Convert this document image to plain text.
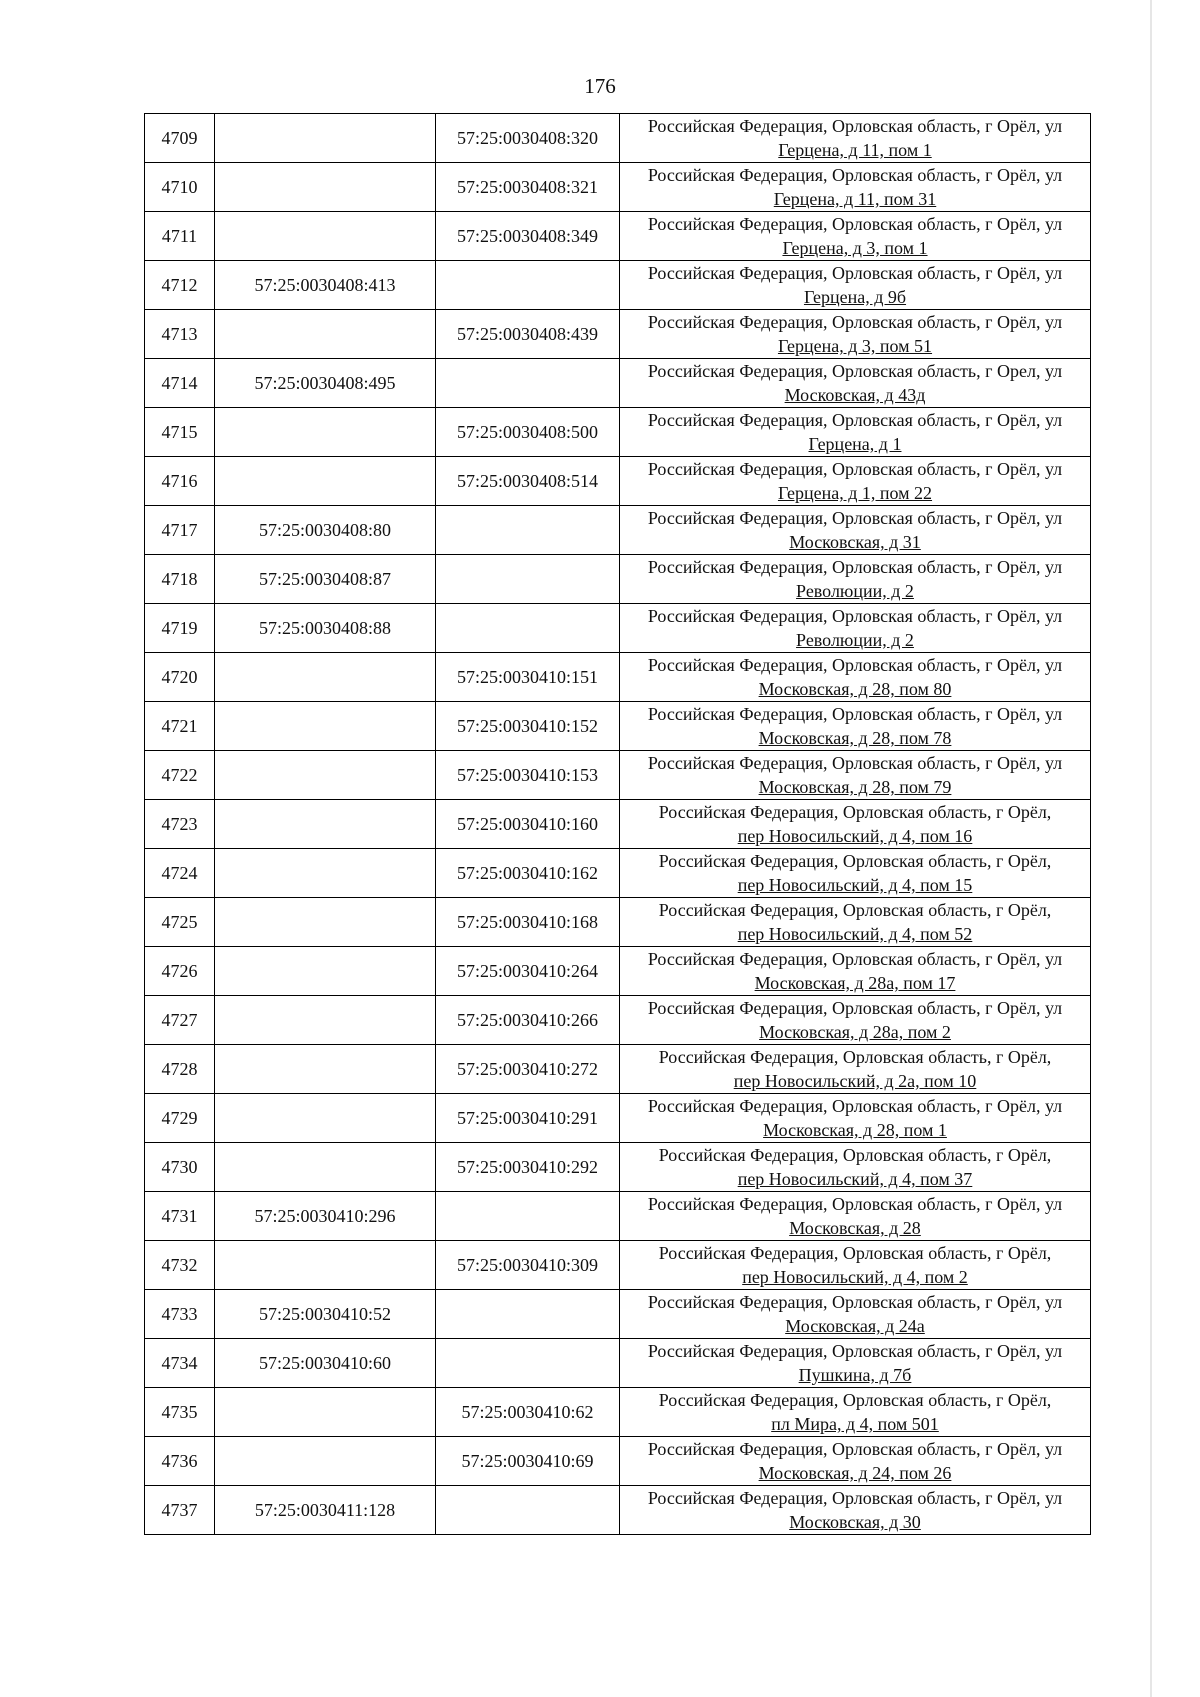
176
4709		57:25:0030408:320	Российская Федерация, Орловская область, г Орёл, ул
Герцена, д 11, пом 1

4710		57:25:0030408:321	Российская Федерация, Орловская область, г Орёл, ул
Герцена, д 11, пом 31

4711		57:25:0030408:349	Российская Федерация, Орловская область, г Орёл, ул
Герцена, д 3, пом 1

4712	57:25:0030408:413		Российская Федерация, Орловская область, г Орёл, ул
Герцена, д 9б

4713		57:25:0030408:439	Российская Федерация, Орловская область, г Орёл, ул
Герцена, д 3, пом 51

4714	57:25:0030408:495		Российская Федерация, Орловская область, г Орел, ул
Московская, д 43д

4715		57:25:0030408:500	Российская Федерация, Орловская область, г Орёл, ул
Герцена, д 1

4716		57:25:0030408:514	Российская Федерация, Орловская область, г Орёл, ул
Герцена, д 1, пом 22

4717	57:25:0030408:80		Российская Федерация, Орловская область, г Орёл, ул
Московская, д 31

4718	57:25:0030408:87		Российская Федерация, Орловская область, г Орёл, ул
Революции, д 2

4719	57:25:0030408:88		Российская Федерация, Орловская область, г Орёл, ул
Революции, д 2

4720		57:25:0030410:151	Российская Федерация, Орловская область, г Орёл, ул
Московская, д 28, пом 80

4721		57:25:0030410:152	Российская Федерация, Орловская область, г Орёл, ул
Московская, д 28, пом 78

4722		57:25:0030410:153	Российская Федерация, Орловская область, г Орёл, ул
Московская, д 28, пом 79

4723		57:25:0030410:160	Российская Федерация, Орловская область, г Орёл,
пер Новосильский, д 4, пом 16

4724		57:25:0030410:162	Российская Федерация, Орловская область, г Орёл,
пер Новосильский, д 4, пом 15

4725		57:25:0030410:168	Российская Федерация, Орловская область, г Орёл,
пер Новосильский, д 4, пом 52

4726		57:25:0030410:264	Российская Федерация, Орловская область, г Орёл, ул
Московская, д 28а, пом 17

4727		57:25:0030410:266	Российская Федерация, Орловская область, г Орёл, ул
Московская, д 28а, пом 2

4728		57:25:0030410:272	Российская Федерация, Орловская область, г Орёл,
пер Новосильский, д 2а, пом 10

4729		57:25:0030410:291	Российская Федерация, Орловская область, г Орёл, ул
Московская, д 28, пом 1

4730		57:25:0030410:292	Российская Федерация, Орловская область, г Орёл,
пер Новосильский, д 4, пом 37

4731	57:25:0030410:296		Российская Федерация, Орловская область, г Орёл, ул
Московская, д 28

4732		57:25:0030410:309	Российская Федерация, Орловская область, г Орёл,
пер Новосильский, д 4, пом 2

4733	57:25:0030410:52		Российская Федерация, Орловская область, г Орёл, ул
Московская, д 24а

4734	57:25:0030410:60		Российская Федерация, Орловская область, г Орёл, ул
Пушкина, д 7б

4735		57:25:0030410:62	Российская Федерация, Орловская область, г Орёл,
пл Мира, д 4, пом 501

4736		57:25:0030410:69	Российская Федерация, Орловская область, г Орёл, ул
Московская, д 24, пом 26

4737	57:25:0030411:128		Российская Федерация, Орловская область, г Орёл, ул
Московская, д 30
